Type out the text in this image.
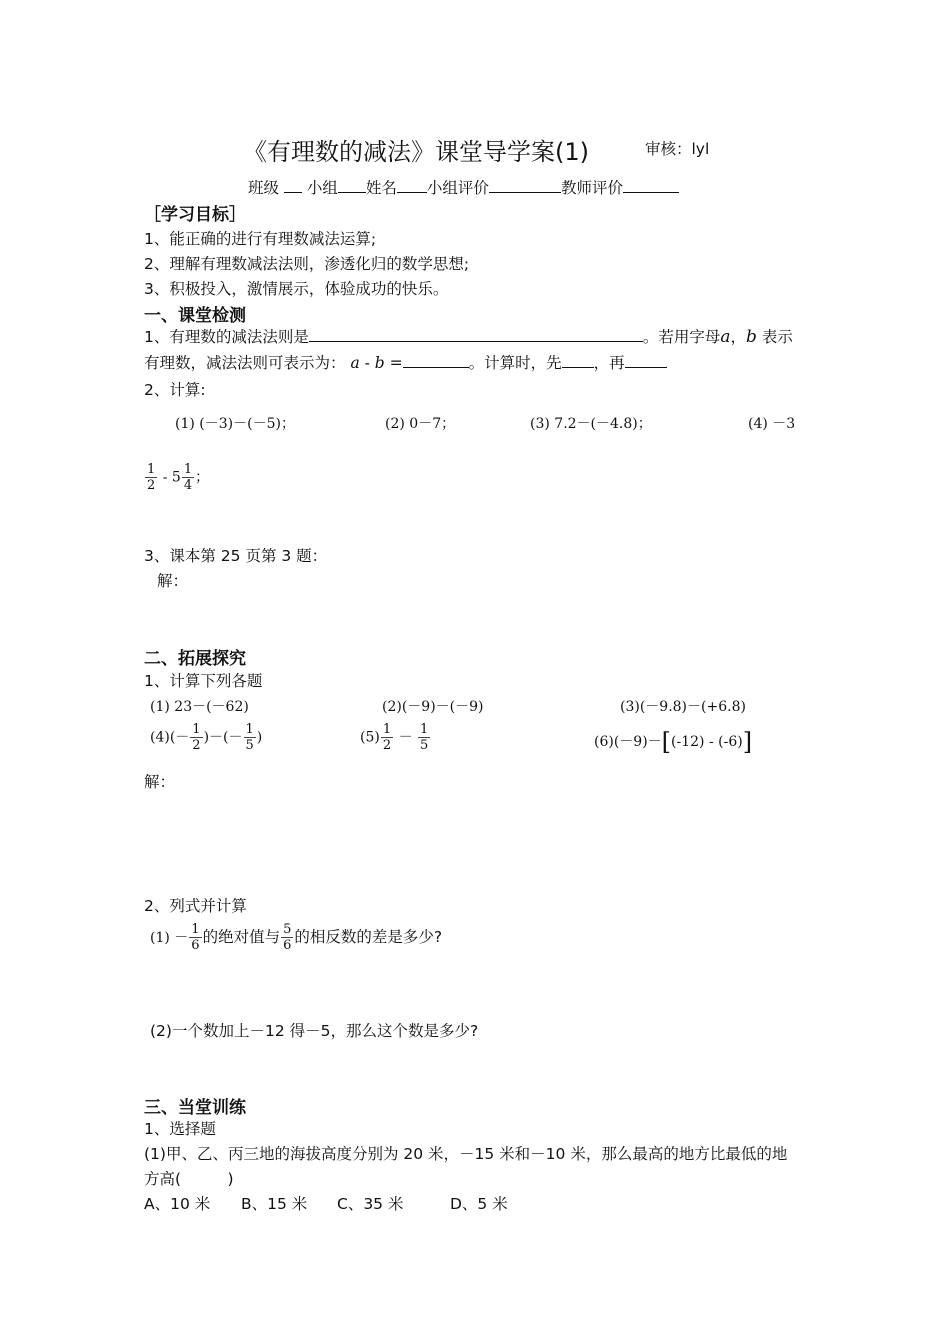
《有理数的减法》课堂导学案(1)	审核：lyl
班级 小组 姓名 小组评价	教师评价
［学习目标］
1、能正确的进行有理数减法运算;
2、理解有理数减法法则，渗透化归的数学思想;
3、积极投入，激情展示，体验成功的快乐。
一、课堂检测
1、有理数的减法法则是	。若用字母a，b 表示
有理数，减法法则可表示为： a - b =	。计算时，先 ，再
2、计算:
(1) (－3)－(－5)；	(2) 0－7；	(3) 7.2－(－4.8)；	(4) －3
$\frac{1}{2} - 5 \frac{1}{4}$ ；
3、课本第 25 页第 3 题：
解：
二、拓展探究
1、计算下列各题
(1) 23－(－62)	(2)(－9)－(－9)	(3)(－9.8)－(+6.8)
$(4)(- \frac{1}{2}$ )－(－ $\frac{1}{5}$ )	$(5) \frac{1}{2} - \frac{1}{5}$	(6)(－9)－[(-12) - (-6)]
解：
2、列式并计算
$(1) - \frac{1}{6}$ 的绝对值与 $\frac{5}{6}$ 的相反数的差是多少?
(2)一个数加上－12 得－5，那么这个数是多少?
三、当堂训练
1、选择题
(1)甲、乙、丙三地的海拔高度分别为 20 米，－15 米和－10 米，那么最高的地方比最低的地
方高(　　　)
A、10 米 B、15 米 C、35 米	D、5 米
